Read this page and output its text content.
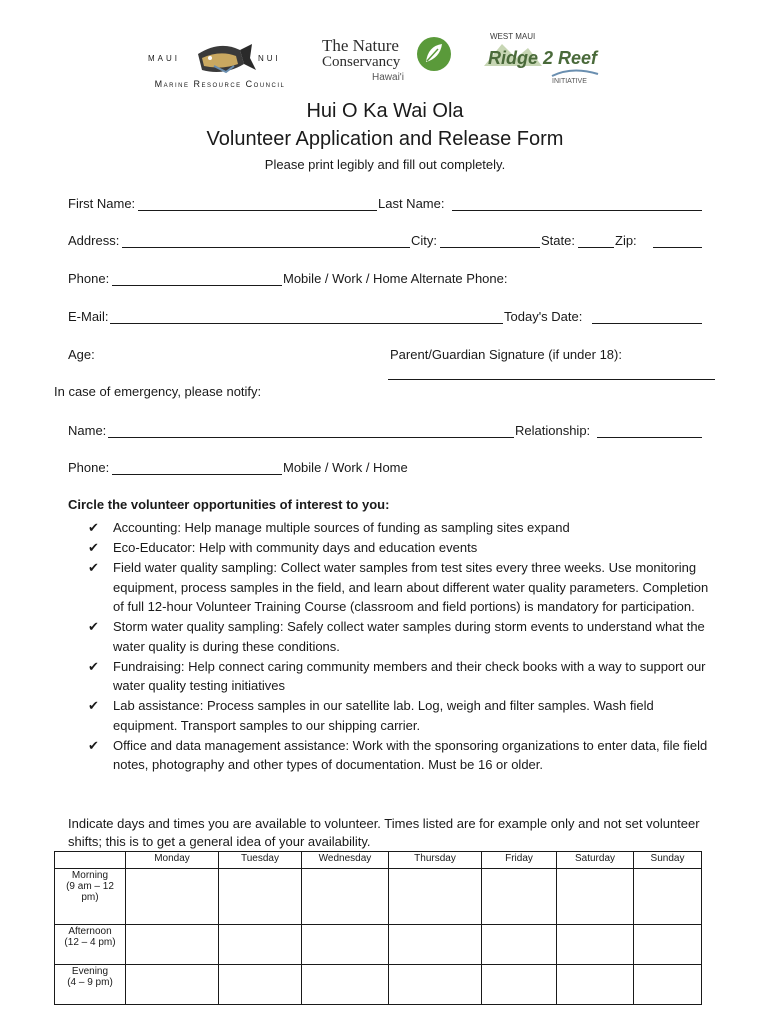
MAUI	NUI
Marine Resource Council
The Nature
Conservancy
Hawai'i
WEST MAUI
Ridge 2 Reef
INITIATIVE
Hui O Ka Wai Ola
Volunteer Application and Release Form
Please print legibly and fill out completely.
First Name:	Last Name:
Address:	City:	State:	Zip:
Phone:	Mobile / Work / Home Alternate Phone:
E-Mail:	Today's Date:
Age:	Parent/Guardian Signature (if under 18):
In case of emergency, please notify:
Name:	Relationship:
Phone:	Mobile / Work / Home
Circle the volunteer opportunities of interest to you:
✔	Accounting: Help manage multiple sources of funding as sampling sites expand
✔	Eco-Educator: Help with community days and education events
✔	Field water quality sampling: Collect water samples from test sites every three weeks. Use monitoring equipment, process samples in the field, and learn about different water quality parameters. Completion of full 12-hour Volunteer Training Course (classroom and field portions) is mandatory for participation.
✔	Storm water quality sampling: Safely collect water samples during storm events to understand what the water quality is during these conditions.
✔	Fundraising: Help connect caring community members and their check books with a way to support our water quality testing initiatives
✔	Lab assistance: Process samples in our satellite lab. Log, weigh and filter samples. Wash field equipment. Transport samples to our shipping carrier.
✔	Office and data management assistance: Work with the sponsoring organizations to enter data, file field notes, photography and other types of documentation. Must be 16 or older.
Indicate days and times you are available to volunteer. Times listed are for example only and not set volunteer shifts; this is to get a general idea of your availability.
	Monday	Tuesday	Wednesday	Thursday	Friday	Saturday	Sunday

Morning
(9 am – 12 pm)							

Afternoon
(12 – 4 pm)							

Evening
(4 – 9 pm)							
